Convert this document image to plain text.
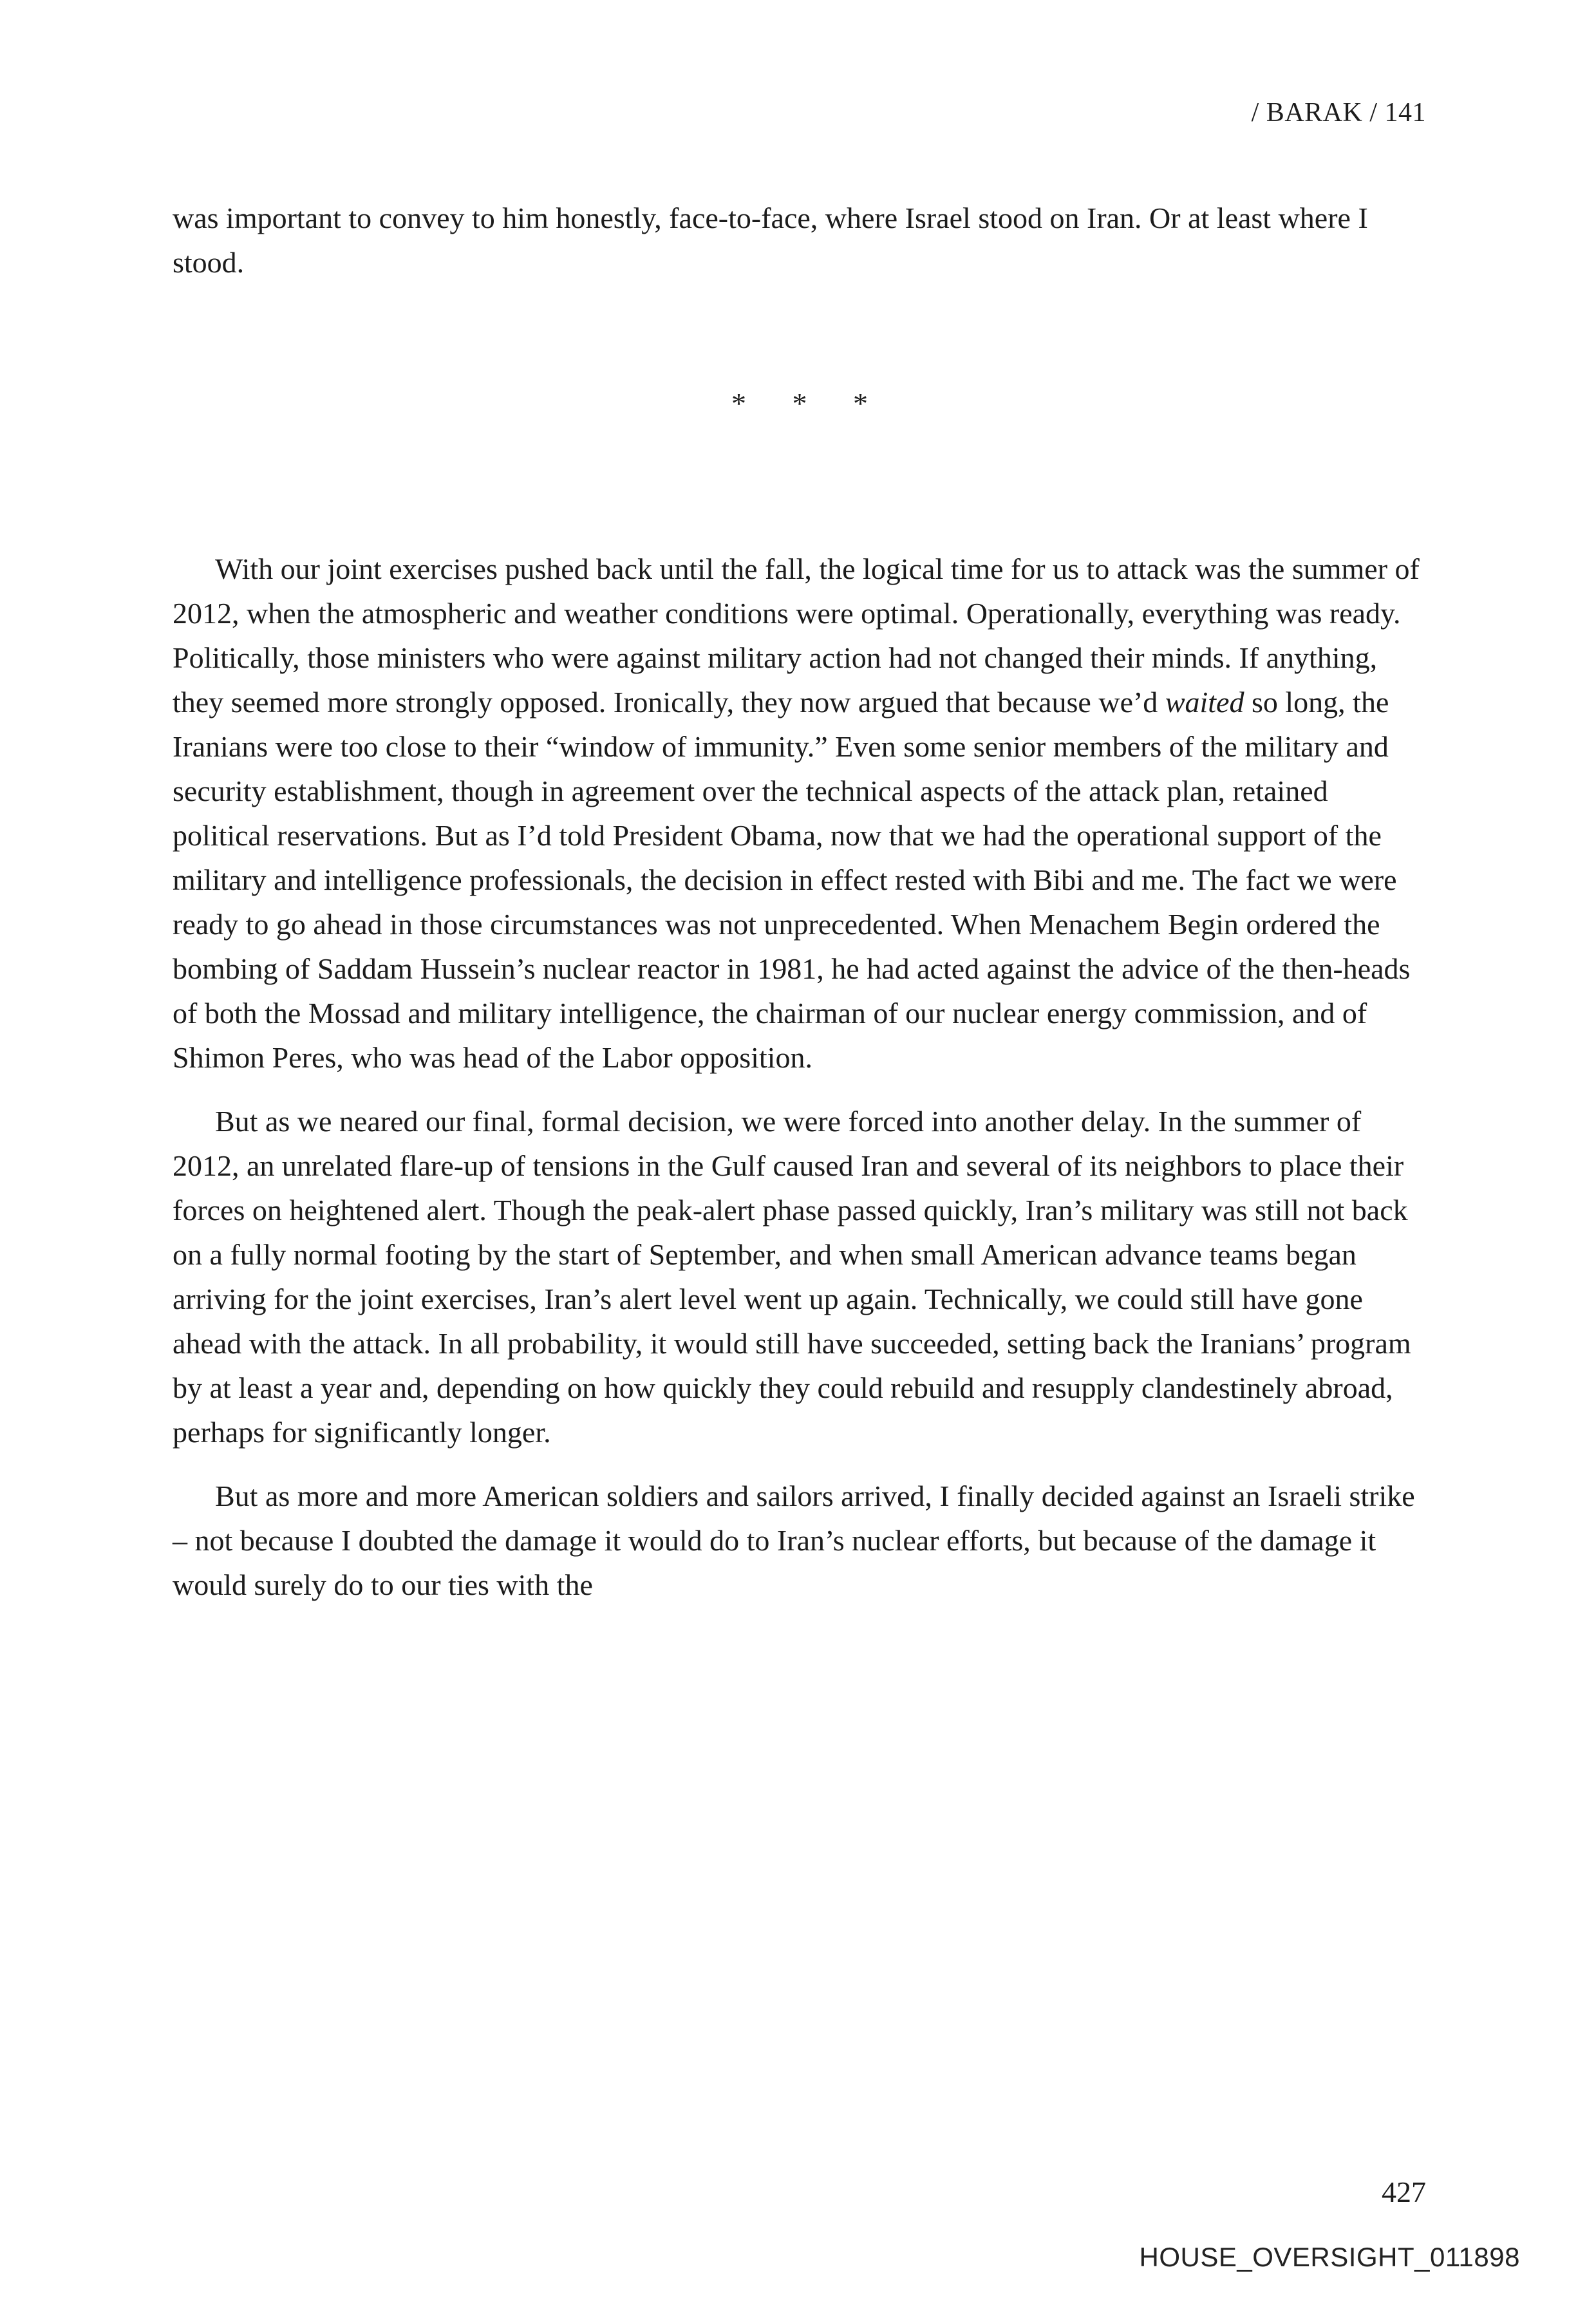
/ BARAK / 141

was important to convey to him honestly, face-to-face, where Israel stood on Iran. Or at least where I stood.

* * *

With our joint exercises pushed back until the fall, the logical time for us to attack was the summer of 2012, when the atmospheric and weather conditions were optimal. Operationally, everything was ready. Politically, those ministers who were against military action had not changed their minds. If anything, they seemed more strongly opposed. Ironically, they now argued that because we’d waited so long, the Iranians were too close to their “window of immunity.” Even some senior members of the military and security establishment, though in agreement over the technical aspects of the attack plan, retained political reservations. But as I’d told President Obama, now that we had the operational support of the military and intelligence professionals, the decision in effect rested with Bibi and me. The fact we were ready to go ahead in those circumstances was not unprecedented. When Menachem Begin ordered the bombing of Saddam Hussein’s nuclear reactor in 1981, he had acted against the advice of the then-heads of both the Mossad and military intelligence, the chairman of our nuclear energy commission, and of Shimon Peres, who was head of the Labor opposition.

But as we neared our final, formal decision, we were forced into another delay. In the summer of 2012, an unrelated flare-up of tensions in the Gulf caused Iran and several of its neighbors to place their forces on heightened alert. Though the peak-alert phase passed quickly, Iran’s military was still not back on a fully normal footing by the start of September, and when small American advance teams began arriving for the joint exercises, Iran’s alert level went up again. Technically, we could still have gone ahead with the attack. In all probability, it would still have succeeded, setting back the Iranians’ program by at least a year and, depending on how quickly they could rebuild and resupply clandestinely abroad, perhaps for significantly longer.

But as more and more American soldiers and sailors arrived, I finally decided against an Israeli strike – not because I doubted the damage it would do to Iran’s nuclear efforts, but because of the damage it would surely do to our ties with the

427
HOUSE_OVERSIGHT_011898
